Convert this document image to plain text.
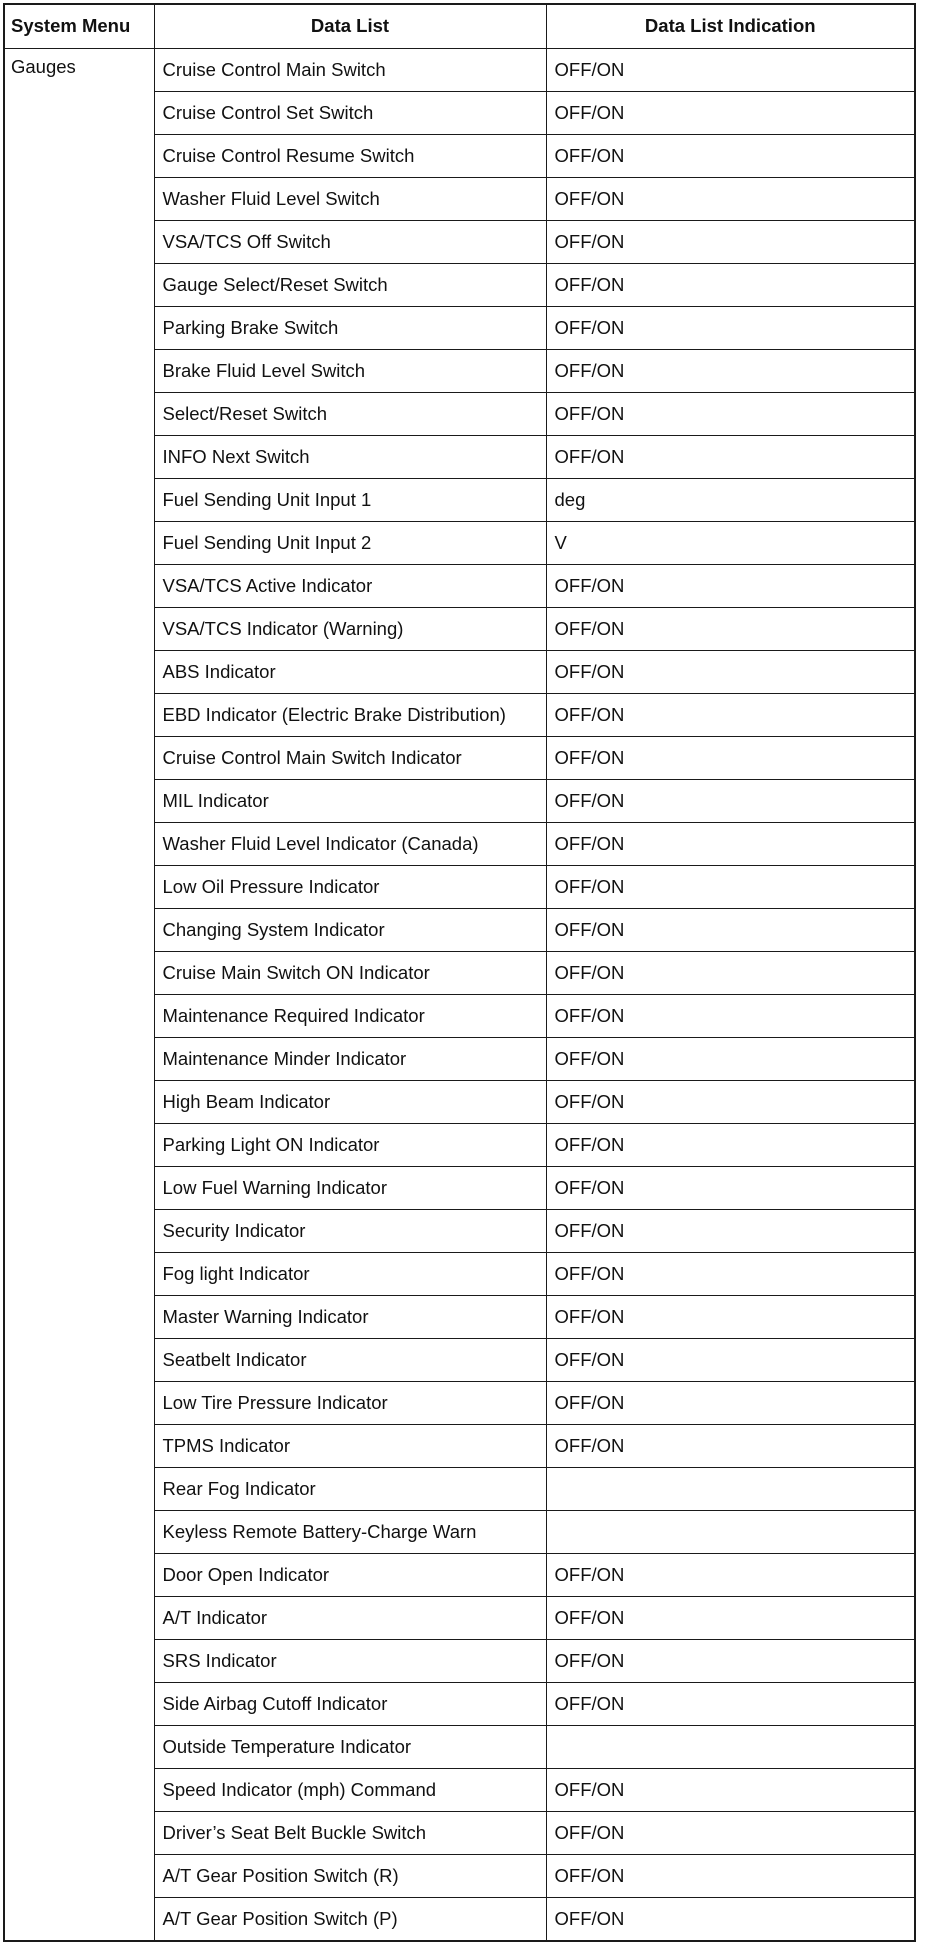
System Menu	Data List	Data List Indication
Gauges	Cruise Control Main Switch	OFF/ON
	Cruise Control Set Switch	OFF/ON
	Cruise Control Resume Switch	OFF/ON
	Washer Fluid Level Switch	OFF/ON
	VSA/TCS Off Switch	OFF/ON
	Gauge Select/Reset Switch	OFF/ON
	Parking Brake Switch	OFF/ON
	Brake Fluid Level Switch	OFF/ON
	Select/Reset Switch	OFF/ON
	INFO Next Switch	OFF/ON
	Fuel Sending Unit Input 1	deg
	Fuel Sending Unit Input 2	V
	VSA/TCS Active Indicator	OFF/ON
	VSA/TCS Indicator (Warning)	OFF/ON
	ABS Indicator	OFF/ON
	EBD Indicator (Electric Brake Distribution)	OFF/ON
	Cruise Control Main Switch Indicator	OFF/ON
	MIL Indicator	OFF/ON
	Washer Fluid Level Indicator (Canada)	OFF/ON
	Low Oil Pressure Indicator	OFF/ON
	Changing System Indicator	OFF/ON
	Cruise Main Switch ON Indicator	OFF/ON
	Maintenance Required Indicator	OFF/ON
	Maintenance Minder Indicator	OFF/ON
	High Beam Indicator	OFF/ON
	Parking Light ON Indicator	OFF/ON
	Low Fuel Warning Indicator	OFF/ON
	Security Indicator	OFF/ON
	Fog light Indicator	OFF/ON
	Master Warning Indicator	OFF/ON
	Seatbelt Indicator	OFF/ON
	Low Tire Pressure Indicator	OFF/ON
	TPMS Indicator	OFF/ON
	Rear Fog Indicator	
	Keyless Remote Battery-Charge Warn	
	Door Open Indicator	OFF/ON
	A/T Indicator	OFF/ON
	SRS Indicator	OFF/ON
	Side Airbag Cutoff Indicator	OFF/ON
	Outside Temperature Indicator	
	Speed Indicator (mph) Command	OFF/ON
	Driver’s Seat Belt Buckle Switch	OFF/ON
	A/T Gear Position Switch (R)	OFF/ON
	A/T Gear Position Switch (P)	OFF/ON
